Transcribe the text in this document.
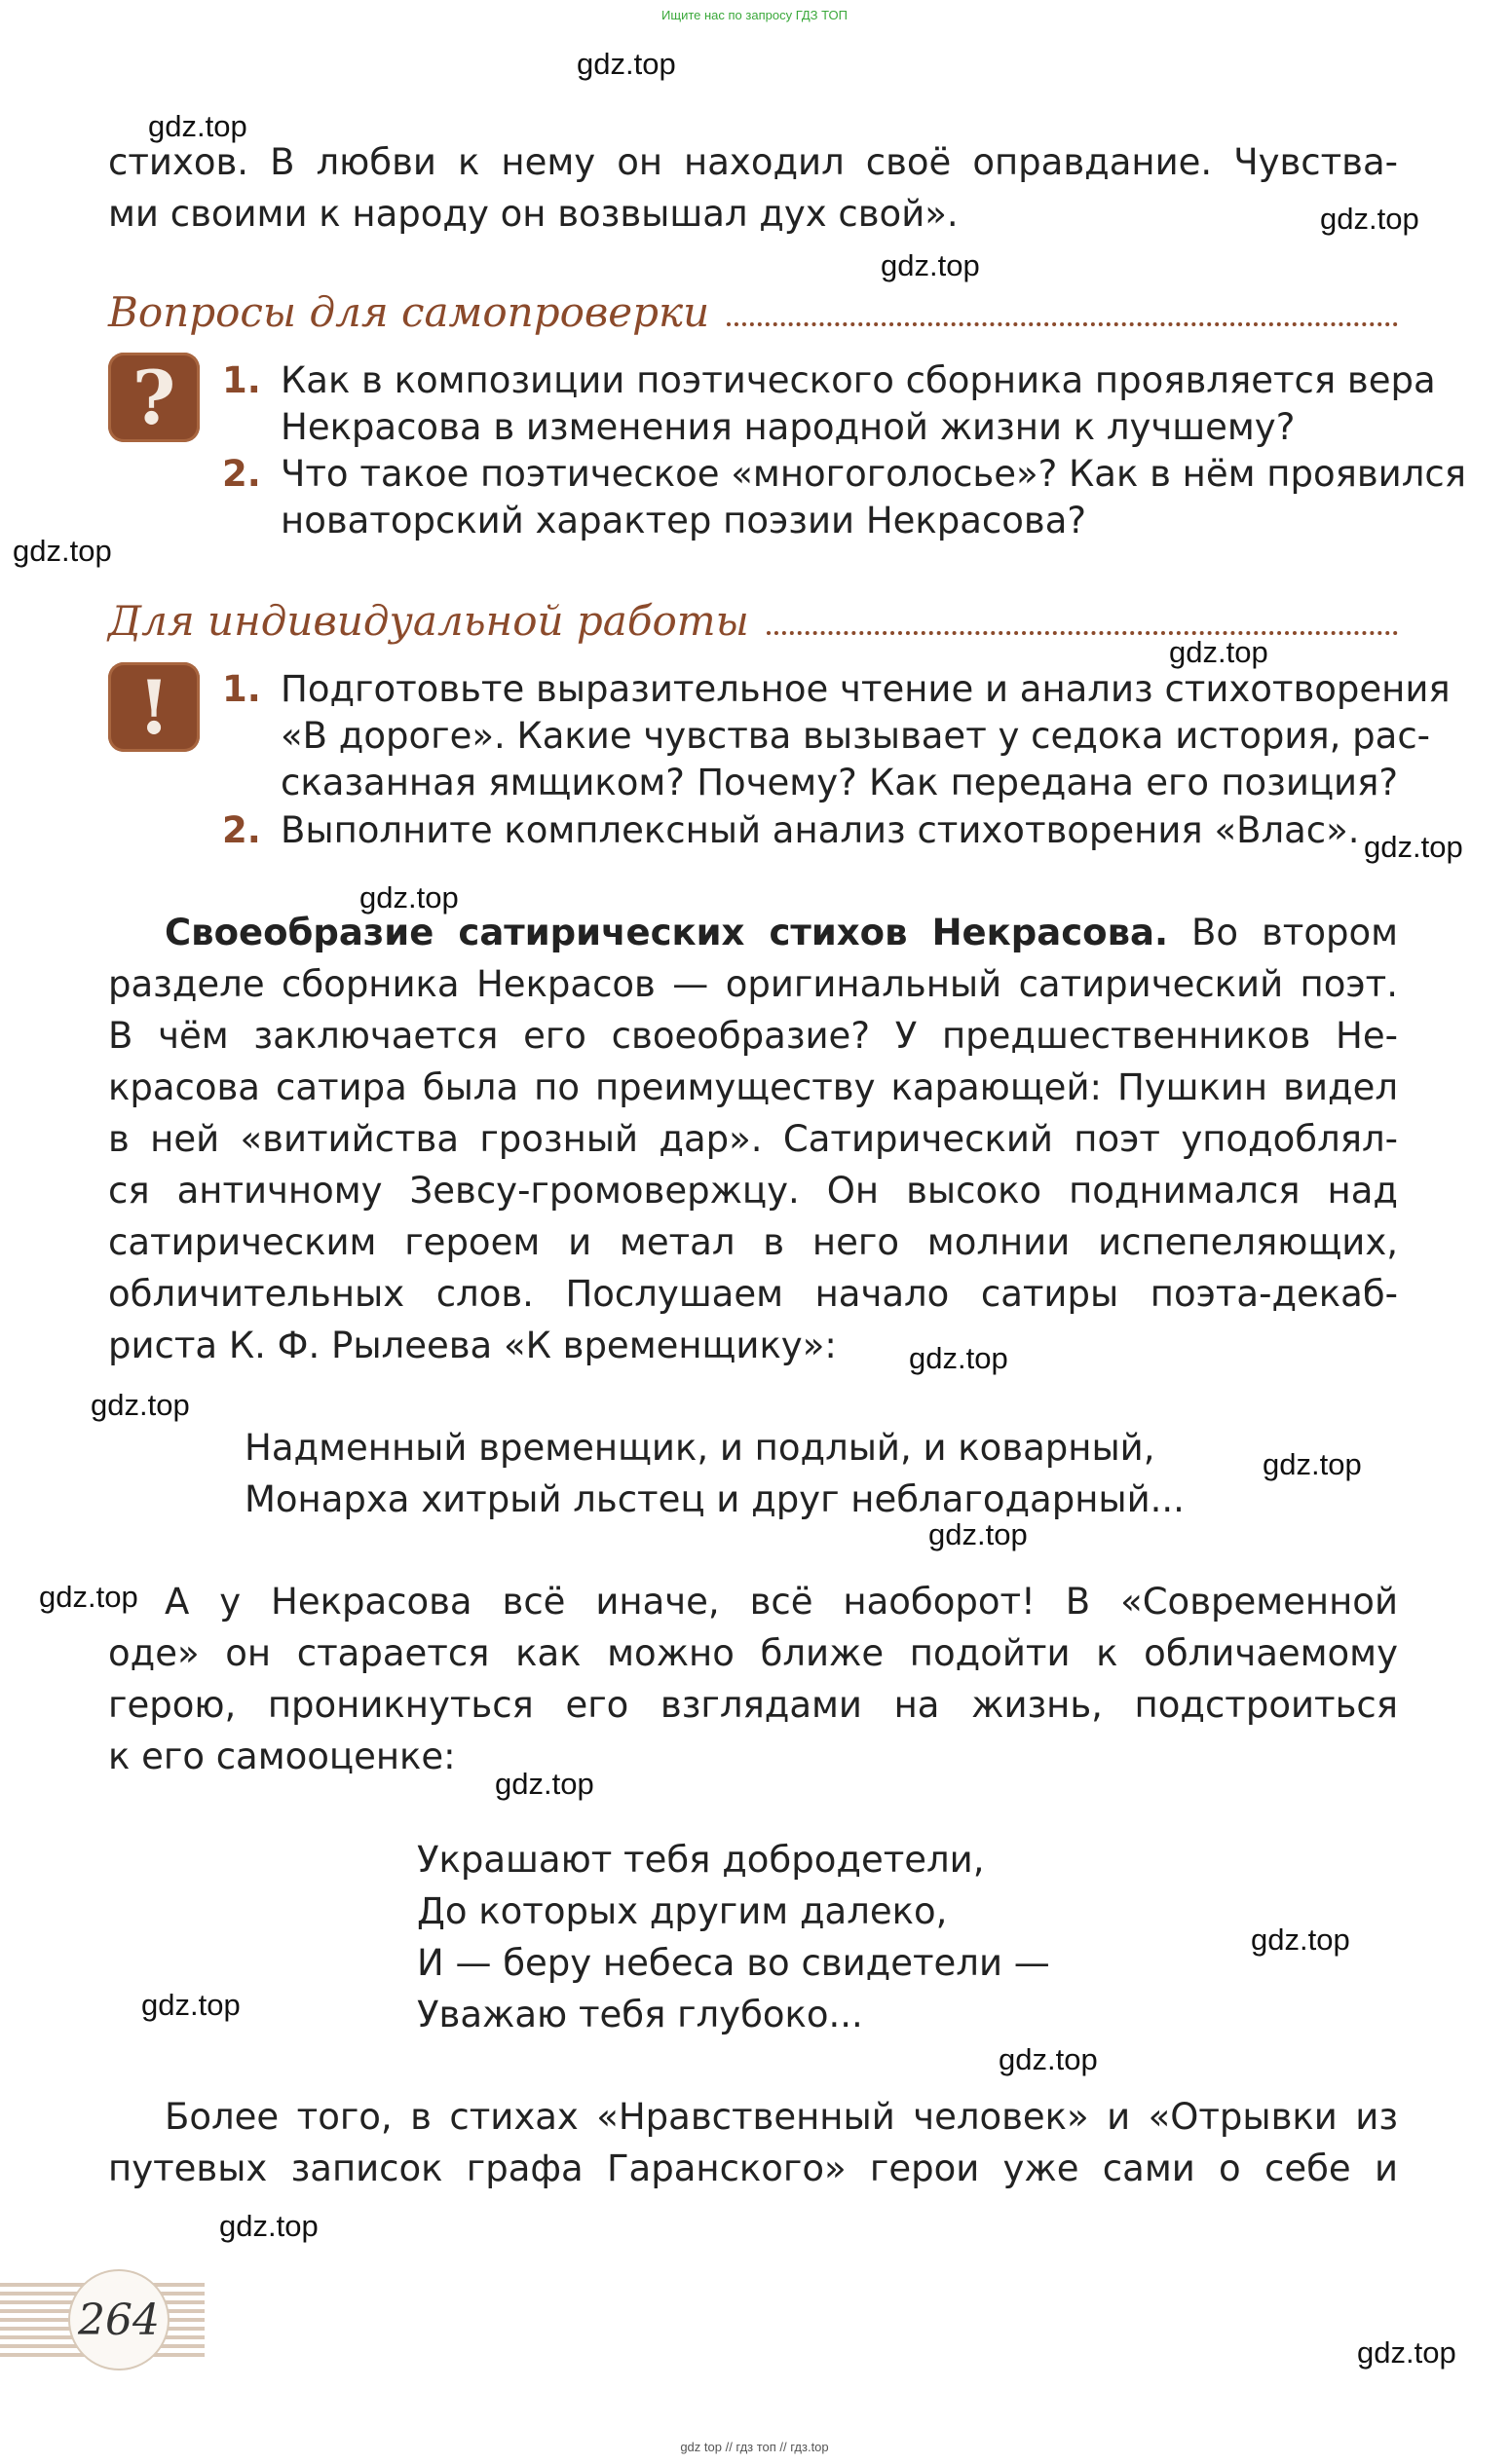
Ищите нас по запросу ГДЗ ТОП
gdz.top
gdz.top
gdz.top
gdz.top
gdz.top
gdz.top
gdz.top
gdz.top
gdz.top
gdz.top
gdz.top
gdz.top
gdz.top
gdz.top
gdz.top
gdz.top
gdz.top
gdz.top
gdz.top
стихов. В любви к нему он находил своё оправдание. Чувства-
ми своими к народу он возвышал дух свой».
Вопросы для самопроверки
?	1. Как в композиции поэтического сборника проявляется вера
Некрасова в изменения народной жизни к лучшему?
2. Что такое поэтическое «многоголосье»? Как в нём проявился
новаторский характер поэзии Некрасова?
Для индивидуальной работы
!	1. Подготовьте выразительное чтение и анализ стихотворения
«В дороге». Какие чувства вызывает у седока история, рас-
сказанная ямщиком? Почему? Как передана его позиция?
2. Выполните комплексный анализ стихотворения «Влас».
Своеобразие сатирических стихов Некрасова. Во втором
разделе сборника Некрасов — оригинальный сатирический поэт.
В чём заключается его своеобразие? У предшественников Не-
красова сатира была по преимуществу карающей: Пушкин видел
в ней «витийства грозный дар». Сатирический поэт уподоблял-
ся античному Зевсу-громовержцу. Он высоко поднимался над
сатирическим героем и метал в него молнии испепеляющих,
обличительных слов. Послушаем начало сатиры поэта-декаб-
риста К. Ф. Рылеева «К временщику»:
Надменный временщик, и подлый, и коварный,
Монарха хитрый льстец и друг неблагодарный...
А у Некрасова всё иначе, всё наоборот! В «Современной
оде» он старается как можно ближе подойти к обличаемому
герою, проникнуться его взглядами на жизнь, подстроиться
к его самооценке:
Украшают тебя добродетели,
До которых другим далеко,
И — беру небеса во свидетели —
Уважаю тебя глубоко...
Более того, в стихах «Нравственный человек» и «Отрывки из
путевых записок графа Гаранского» герои уже сами о себе и
264
gdz top // гдз топ // гдз.top
